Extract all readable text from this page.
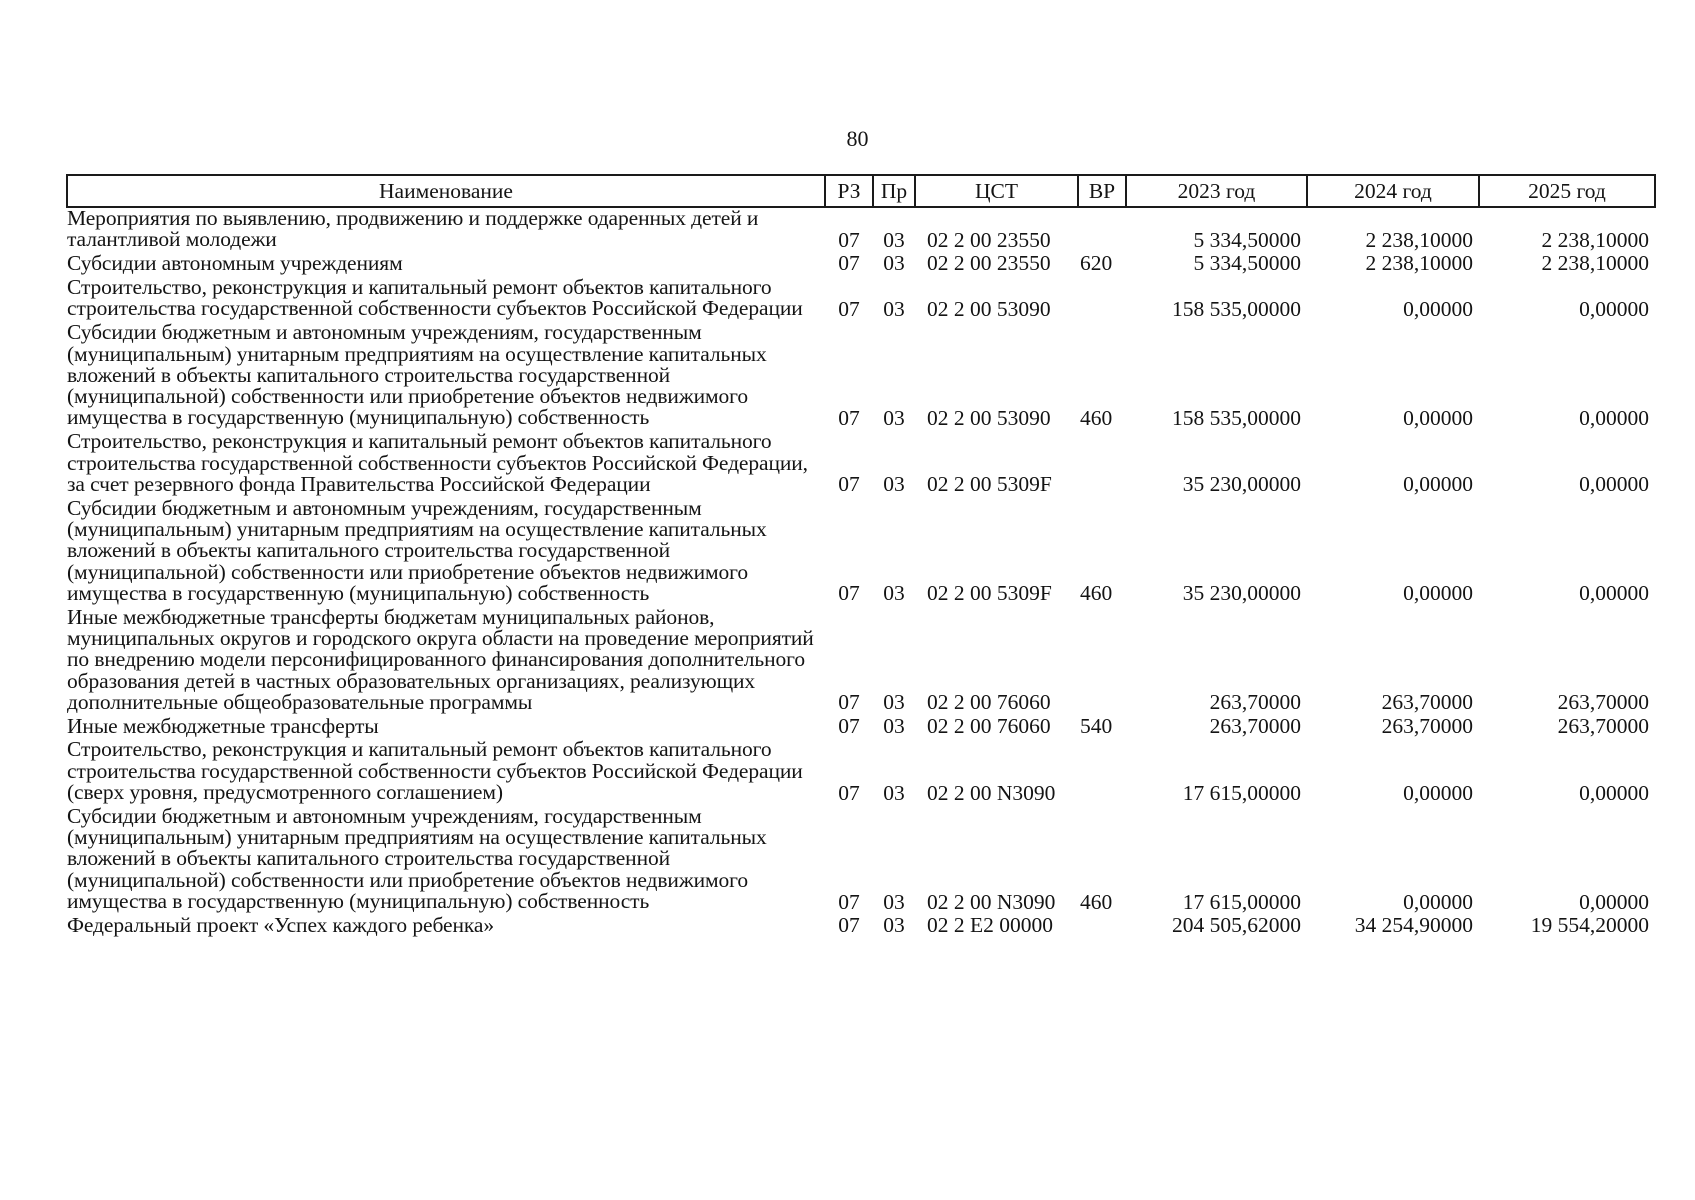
80
Наименование	РЗ	Пр	ЦСТ	ВР	2023 год	2024 год	2025 год
Мероприятия по выявлению, продвижению и поддержке одаренных детей и талантливой молодежи	07	03	02 2 00 23550		5 334,50000	2 238,10000	2 238,10000
Субсидии автономным учреждениям	07	03	02 2 00 23550	620	5 334,50000	2 238,10000	2 238,10000
Строительство, реконструкция и капитальный ремонт объектов капитального строительства государственной собственности субъектов Российской Федерации	07	03	02 2 00 53090		158 535,00000	0,00000	0,00000
Субсидии бюджетным и автономным учреждениям, государственным (муниципальным) унитарным предприятиям на осуществление капитальных вложений в объекты капитального строительства государственной (муниципальной) собственности или приобретение объектов недвижимого имущества в государственную (муниципальную) собственность	07	03	02 2 00 53090	460	158 535,00000	0,00000	0,00000
Строительство, реконструкция и капитальный ремонт объектов капитального строительства государственной собственности субъектов Российской Федерации, за счет резервного фонда Правительства Российской Федерации	07	03	02 2 00 5309F		35 230,00000	0,00000	0,00000
Субсидии бюджетным и автономным учреждениям, государственным (муниципальным) унитарным предприятиям на осуществление капитальных вложений в объекты капитального строительства государственной (муниципальной) собственности или приобретение объектов недвижимого имущества в государственную (муниципальную) собственность	07	03	02 2 00 5309F	460	35 230,00000	0,00000	0,00000
Иные межбюджетные трансферты бюджетам муниципальных районов, муниципальных округов и городского округа области на проведение мероприятий по внедрению модели персонифицированного финансирования дополнительного образования детей в частных образовательных организациях, реализующих дополнительные общеобразовательные программы	07	03	02 2 00 76060		263,70000	263,70000	263,70000
Иные межбюджетные трансферты	07	03	02 2 00 76060	540	263,70000	263,70000	263,70000
Строительство, реконструкция и капитальный ремонт объектов капитального строительства государственной собственности субъектов Российской Федерации (сверх уровня, предусмотренного соглашением)	07	03	02 2 00 N3090		17 615,00000	0,00000	0,00000
Субсидии бюджетным и автономным учреждениям, государственным (муниципальным) унитарным предприятиям на осуществление капитальных вложений в объекты капитального строительства государственной (муниципальной) собственности или приобретение объектов недвижимого имущества в государственную (муниципальную) собственность	07	03	02 2 00 N3090	460	17 615,00000	0,00000	0,00000
Федеральный проект «Успех каждого ребенка»	07	03	02 2 E2 00000		204 505,62000	34 254,90000	19 554,20000
